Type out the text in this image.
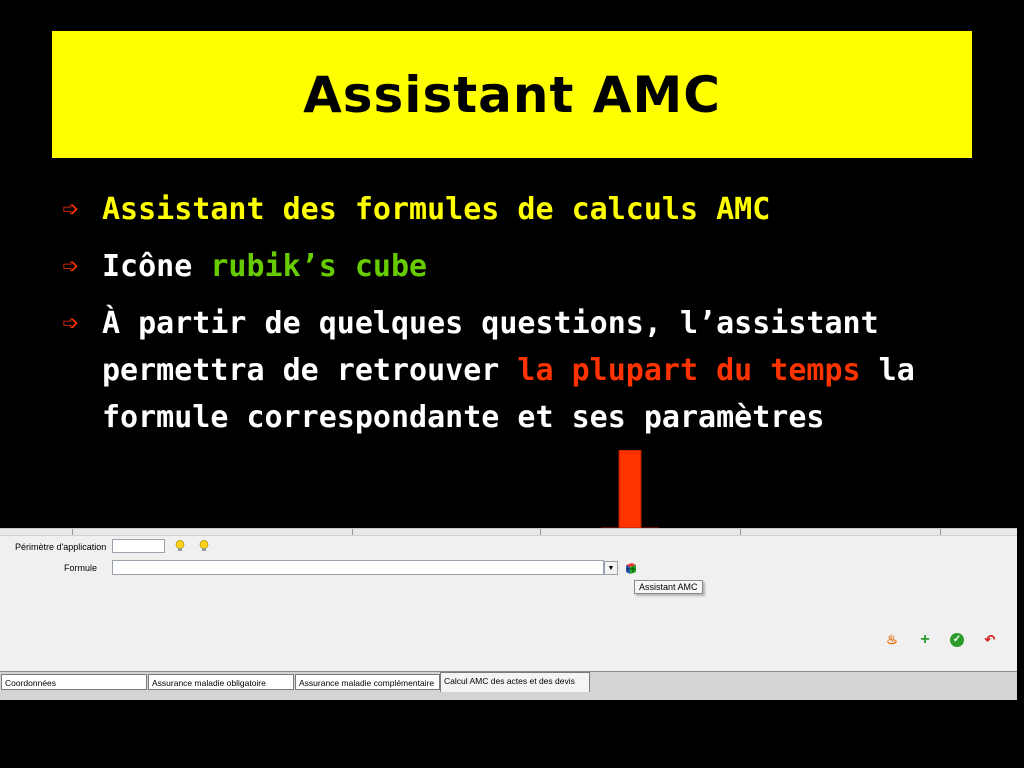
Assistant AMC
➩ Assistant des formules de calculs AMC
➩ Icône rubik’s cube
➩ À partir de quelques questions, l’assistant permettra de retrouver la plupart du temps la formule correspondante et ses paramètres
Périmètre d'application
Formule	▼
Assistant AMC
♨ + ✓ ↶
Coordonnées	Assurance maladie obligatoire	Assurance maladie complémentaire	Calcul AMC des actes et des devis
